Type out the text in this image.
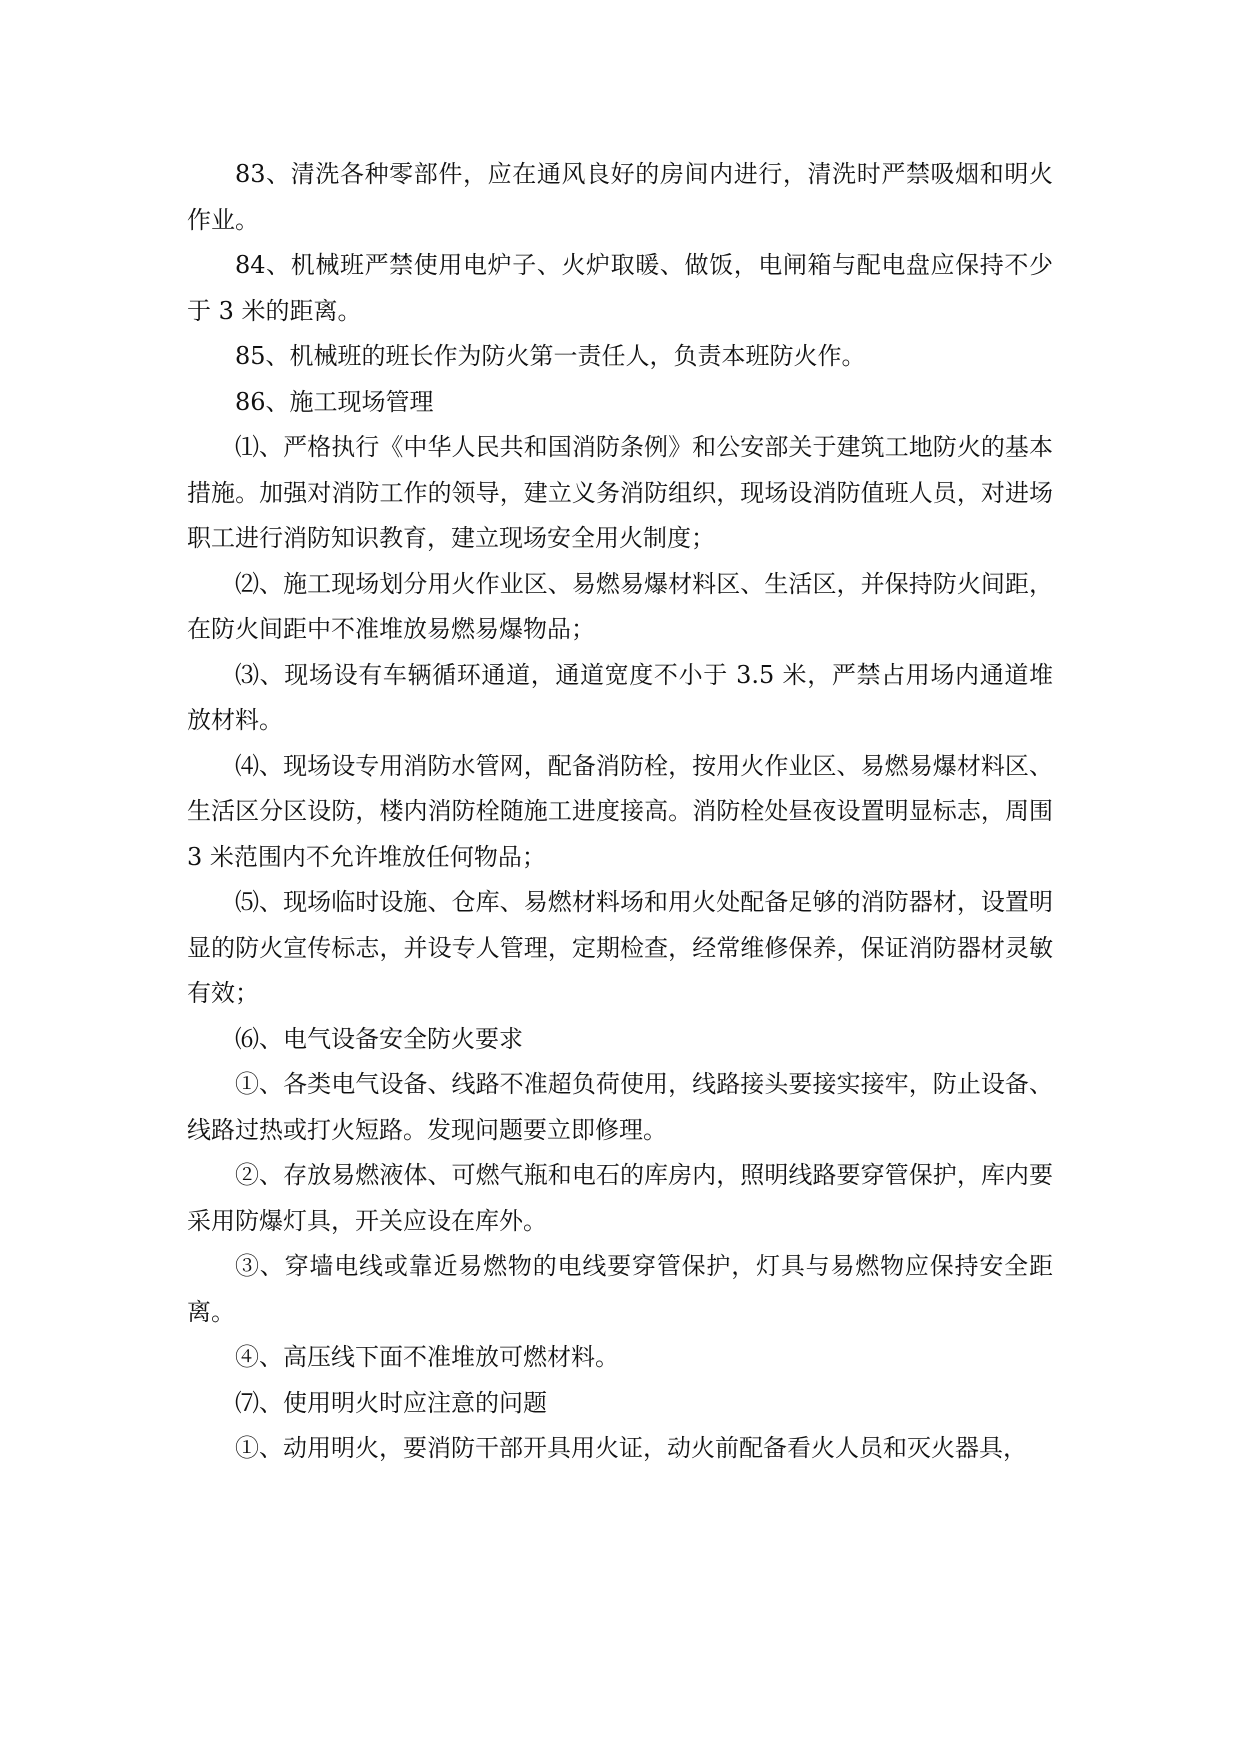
83、清洗各种零部件，应在通风良好的房间内进行，清洗时严禁吸烟和明火作业。

84、机械班严禁使用电炉子、火炉取暖、做饭，电闸箱与配电盘应保持不少于 3 米的距离。

85、机械班的班长作为防火第一责任人，负责本班防火作。

86、施工现场管理

⑴、严格执行《中华人民共和国消防条例》和公安部关于建筑工地防火的基本措施。加强对消防工作的领导，建立义务消防组织，现场设消防值班人员，对进场职工进行消防知识教育，建立现场安全用火制度；

⑵、施工现场划分用火作业区、易燃易爆材料区、生活区，并保持防火间距，在防火间距中不准堆放易燃易爆物品；

⑶、现场设有车辆循环通道，通道宽度不小于 3.5 米，严禁占用场内通道堆放材料。

⑷、现场设专用消防水管网，配备消防栓，按用火作业区、易燃易爆材料区、生活区分区设防，楼内消防栓随施工进度接高。消防栓处昼夜设置明显标志，周围 3 米范围内不允许堆放任何物品；

⑸、现场临时设施、仓库、易燃材料场和用火处配备足够的消防器材，设置明显的防火宣传标志，并设专人管理，定期检查，经常维修保养，保证消防器材灵敏有效；

⑹、电气设备安全防火要求

①、各类电气设备、线路不准超负荷使用，线路接头要接实接牢，防止设备、线路过热或打火短路。发现问题要立即修理。

②、存放易燃液体、可燃气瓶和电石的库房内，照明线路要穿管保护，库内要采用防爆灯具，开关应设在库外。

③、穿墙电线或靠近易燃物的电线要穿管保护，灯具与易燃物应保持安全距离。

④、高压线下面不准堆放可燃材料。

⑺、使用明火时应注意的问题

①、动用明火，要消防干部开具用火证，动火前配备看火人员和灭火器具，
